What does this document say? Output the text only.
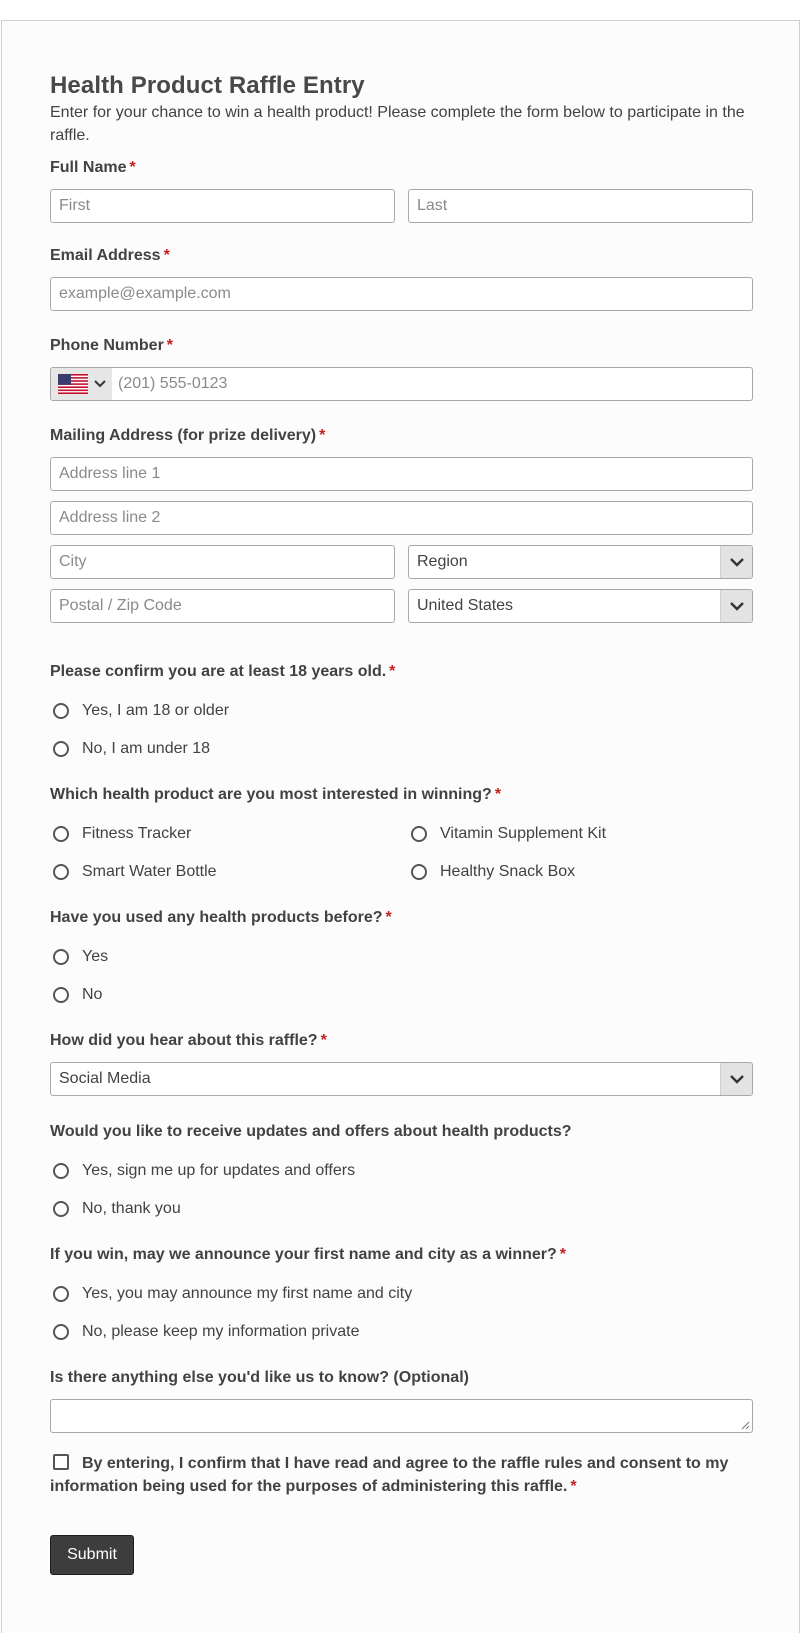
Health Product Raffle Entry
Enter for your chance to win a health product! Please complete the form below to participate in the raffle.
Full Name *
First
Last
Email Address *
example@example.com
Phone Number *
(201) 555-0123
Mailing Address (for prize delivery) *
Address line 1
Address line 2
City
Region
Postal / Zip Code
United States
Please confirm you are at least 18 years old. *
Yes, I am 18 or older
No, I am under 18
Which health product are you most interested in winning? *
Fitness Tracker	Vitamin Supplement Kit
Smart Water Bottle	Healthy Snack Box
Have you used any health products before? *
Yes
No
How did you hear about this raffle? *
Social Media
Would you like to receive updates and offers about health products?
Yes, sign me up for updates and offers
No, thank you
If you win, may we announce your first name and city as a winner? *
Yes, you may announce my first name and city
No, please keep my information private
Is there anything else you'd like us to know? (Optional)
By entering, I confirm that I have read and agree to the raffle rules and consent to my information being used for the purposes of administering this raffle. *
Submit
